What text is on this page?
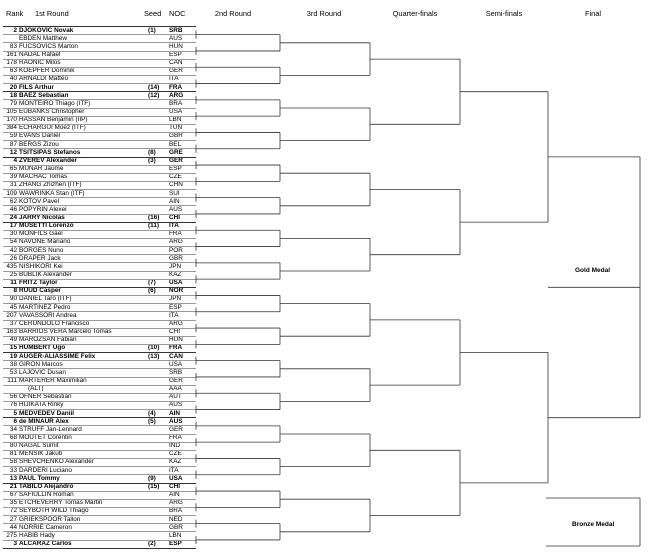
Rank 1st Round	Seed NOC	2nd Round	3rd Round	Quarter-finals	Semi-finals	Final
2 DJOKOVIC Novak	(1) SRB
EBDEN Matthew	AUS
83 FUCSOVICS Marton	HUN
161 NADAL Rafael	ESP
178 RAONIC Milos	CAN
63 KOEPFER Dominik	GER
40 ARNALDI Matteo	ITA
20 FILS Arthur	(14) FRA
18 BAEZ Sebastian	(12) ARG
79 MONTEIRO Thiago (ITF)	BRA
105 EUBANKS Christopher	USA
170 HASSAN Benjamin (IIP)	LBN
384 ECHARGUI Moez (ITF)	TUN
59 EVANS Daniel	GBR
87 BERGS Zizou	BEL
12 TSITSIPAS Stefanos	(8) GRE
4 ZVEREV Alexander	(3) GER
65 MUNAR Jaume	ESP
39 MACHAC Tomas	CZE
31 ZHANG Zhizhen (ITF)	CHN
109 WAWRINKA Stan (ITF)	SUI
62 KOTOV Pavel	AIN
46 POPYRIN Alexei	AUS
24 JARRY Nicolas	(16) CHI
17 MUSETTI Lorenzo	(11) ITA
30 MONFILS Gael	FRA
54 NAVONE Mariano	ARG
42 BORGES Nuno	POR
26 DRAPER Jack	GBR
435 NISHIKORI Kei	JPN
25 BUBLIK Alexander	KAZ
11 FRITZ Taylor	(7) USA
8 RUUD Casper	(6) NOR
90 DANIEL Taro (ITF)	JPN
45 MARTINEZ Pedro	ESP
207 VAVASSORI Andrea	ITA
37 CERUNDOLO Francisco	ARG
163 BARRIOS VERA Marcelo Tomas	CHI
49 MAROZSAN Fabian	HUN
15 HUMBERT Ugo	(10) FRA
19 AUGER-ALIASSIME Felix	(13) CAN
38 GIRON Marcos	USA
53 LAJOVIC Dusan	SRB
111 MARTERER Maximilian	GER
(ALT)	AAA
56 OFNER Sebastian	AUT
76 HIJIKATA Rinky	AUS
5 MEDVEDEV Daniil	(4) AIN
6 de MINAUR Alex	(5) AUS
34 STRUFF Jan-Lennard	GER
68 MOUTET Corentin	FRA
80 NAGAL Sumit	IND
81 MENSIK Jakub	CZE
58 SHEVCHENKO Alexander	KAZ
33 DARDERI Luciano	ITA
13 PAUL Tommy	(9) USA
21 TABILO Alejandro	(15) CHI
67 SAFIULLIN Roman	AIN
35 ETCHEVERRY Tomas Martin	ARG
72 SEYBOTH WILD Thiago	BRA
27 GRIEKSPOOR Tallon	NED
44 NORRIE Cameron	GBR
275 HABIB Hady	LBN
3 ALCARAZ Carlos	(2) ESP
Gold Medal
Bronze Medal
